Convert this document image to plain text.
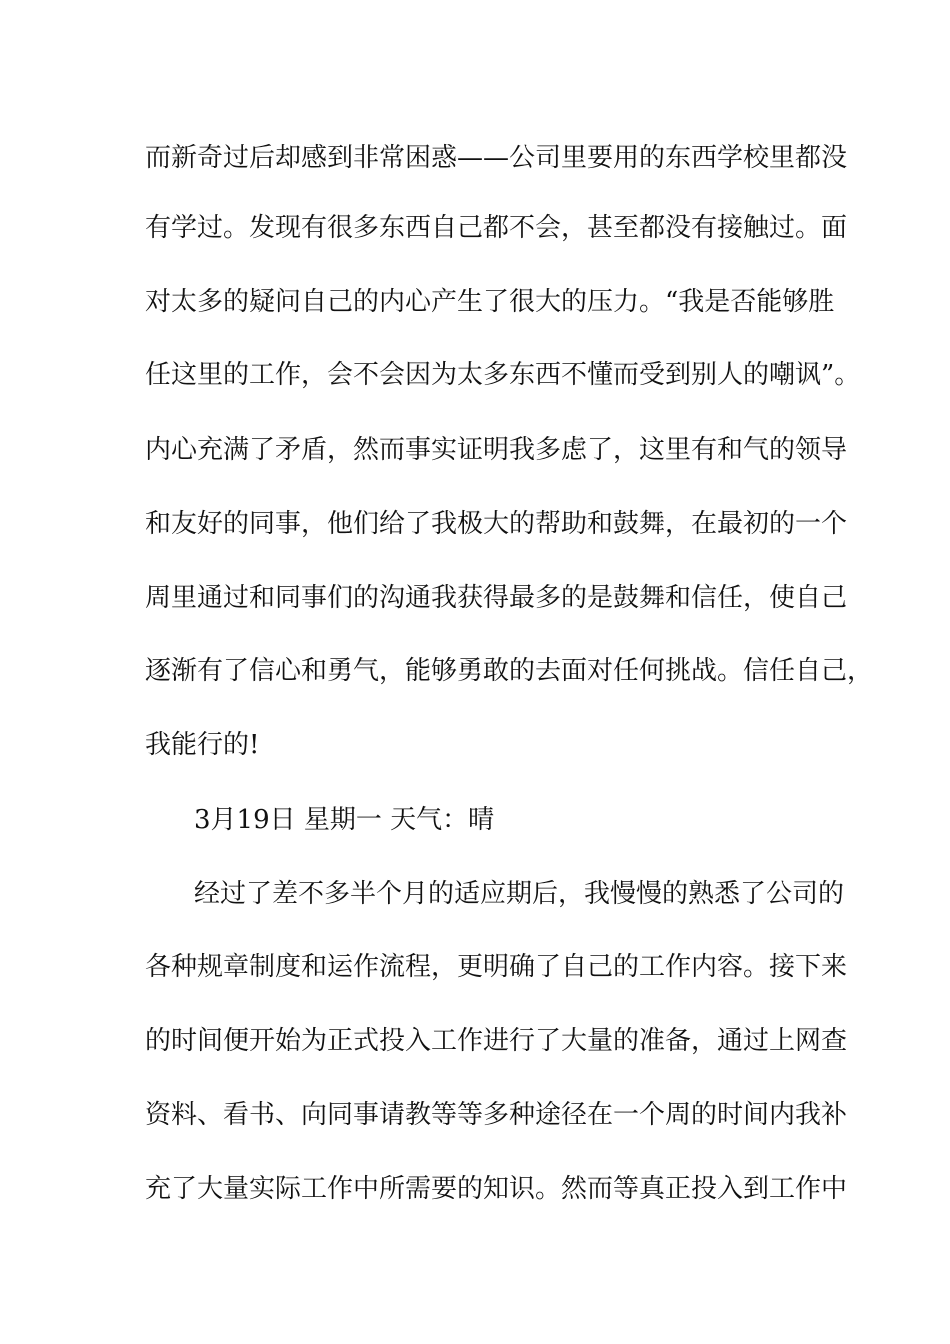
而新奇过后却感到非常困惑——公司里要用的东西学校里都没
有学过。发现有很多东西自己都不会，甚至都没有接触过。面
对太多的疑问自己的内心产生了很大的压力。“我是否能够胜
任这里的工作，会不会因为太多东西不懂而受到别人的嘲讽”。
内心充满了矛盾，然而事实证明我多虑了，这里有和气的领导
和友好的同事，他们给了我极大的帮助和鼓舞，在最初的一个
周里通过和同事们的沟通我获得最多的是鼓舞和信任，使自己
逐渐有了信心和勇气，能够勇敢的去面对任何挑战。信任自己，
我能行的!
3月19日 星期一 天气：晴
经过了差不多半个月的适应期后，我慢慢的熟悉了公司的
各种规章制度和运作流程，更明确了自己的工作内容。接下来
的时间便开始为正式投入工作进行了大量的准备，通过上网查
资料、看书、向同事请教等等多种途径在一个周的时间内我补
充了大量实际工作中所需要的知识。然而等真正投入到工作中
